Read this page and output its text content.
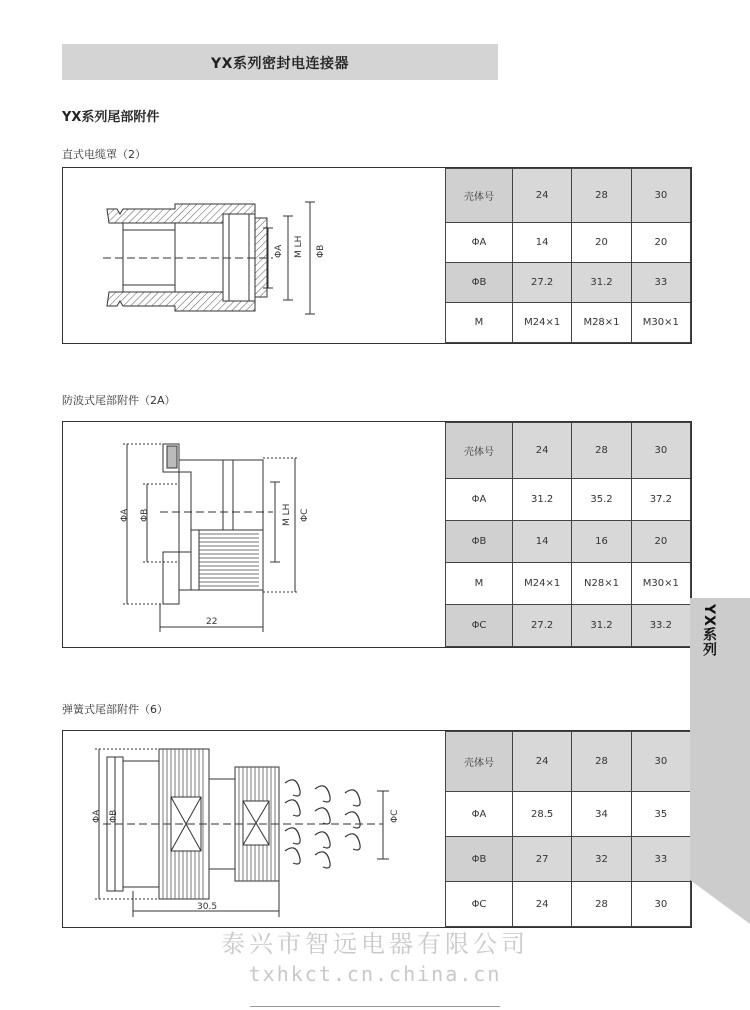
YX系列密封电连接器
YX系列尾部附件
直式电缆罩（2）
ΦA M LH ΦB
壳体号	24	28	30
ΦA	14	20	20
ΦB	27.2	31.2	33
M	M24×1	M28×1	M30×1
防波式尾部附件（2A）
ΦA ΦB	M LH ΦC
22
壳体号	24	28	30
ΦA	31.2	35.2	37.2
ΦB	14	16	20
M	M24×1	N28×1	M30×1
ΦC	27.2	31.2	33.2
弹簧式尾部附件（6）
ΦA ΦB	ΦC
30.5
壳体号	24	28	30
ΦA	28.5	34	35
ΦB	27	32	33
ΦC	24	28	30
YX系列
泰兴市智远电器有限公司
txhkct.cn.china.cn
